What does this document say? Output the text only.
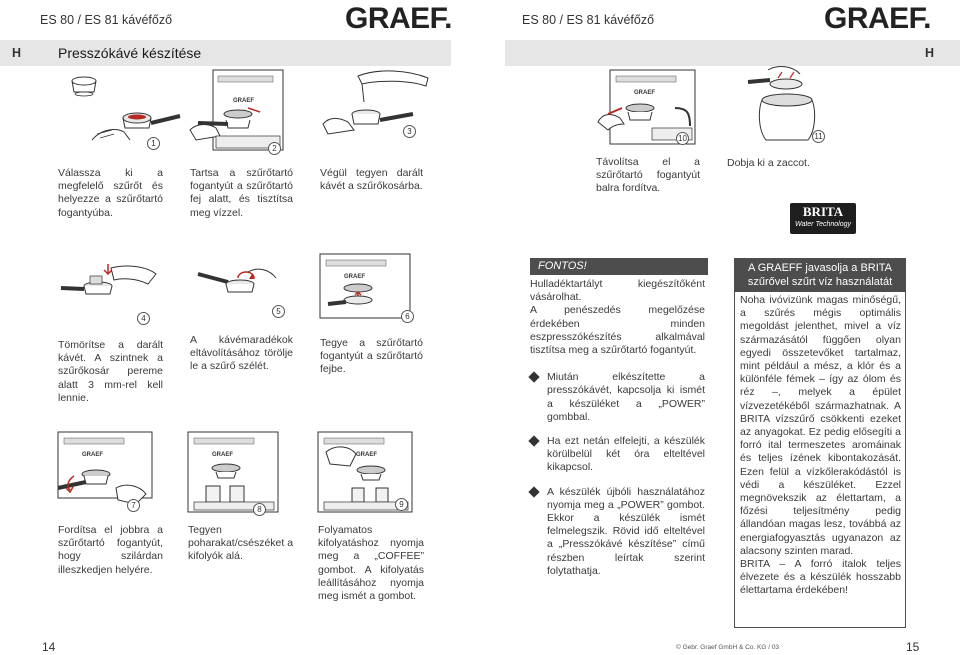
ES 80 / ES 81 kávéfőző	GRAEF.	ES 80 / ES 81 kávéfőző	GRAEF.
H	H
Presszókávé készítése
1
GRAEF
2
3
GRAEF
10	11
Válassza ki a megfelelő szűrőt és helyezze a szűrőtartó fogantyúba.
Tartsa a szűrőtartó fogantyút a szűrőtartó fej alatt, és tisztítsa meg vízzel.
Végül tegyen darált kávét a szűrőkosárba.
Távolítsa el a szűrőtartó fogantyút balra fordítva.
Dobja ki a zaccot.
BRITA
Water Technology
4
5
GRAEF
6
Tömörítse a darált kávét. A szintnek a szűrőkosár pereme alatt 3 mm-rel kell lennie.
A kávémaradékok eltávolításához törölje le a szűrő szélét.
Tegye a szűrőtartó fogantyút a szűrőtartó fejbe.
GRAEF
7
GRAEF
8
GRAEF
9
Fordítsa el jobbra a szűrőtartó fogantyút, hogy szilárdan illeszkedjen helyére.
Tegyen poharakat/csészéket a kifolyók alá.
Folyamatos kifolyatáshoz nyomja meg a „COFFEE” gombot. A kifolyatás leállításához nyomja meg ismét a gombot.
FONTOS!

Hulladéktartályt kiegészítőként vásárolhat.

A penészedés megelőzése érdekében minden eszpresszókészítés alkalmával tisztítsa meg a szűrőtartó fogantyút.

Miután elkészítette a presszókávét, kapcsolja ki ismét a készüléket a „POWER” gombbal.
Ha ezt netán elfelejti, a készülék körülbelül két óra elteltével kikapcsol.
A készülék újbóli használatához nyomja meg a „POWER” gombot. Ekkor a készülék ismét felmelegszik. Rövid idő elteltével a „Presszókávé készítése” című részben leírtak szerint folytathatja.
A GRAEFF javasolja a BRITA szűrővel szűrt víz használatát

Noha ivóvizünk magas minőségű, a szűrés mégis optimális megoldást jelenthet, mivel a víz származásától függően olyan egyedi összetevőket tartalmaz, mint például a mész, a klór és a különféle fémek – így az ólom és réz –, melyek a épület vízvezetékéből származhatnak. A BRITA vízszűrő csökkenti ezeket az anyagokat. Ez pedig elősegíti a forró ital termeszetes aromáinak és teljes ízének kibontakozását. Ezen felül a vízkőlerakódástól is védi a készüléket. Ezzel megnövekszik az élettartam, a főzési teljesítmény pedig állandóan magas lesz, továbbá az energiafogyasztás ugyanazon az alacsony szinten marad.

BRITA – A forró italok teljes élvezete és a készülék hosszabb élettartama érdekében!

14	© Gebr. Graef GmbH & Co. KG / 03	15
